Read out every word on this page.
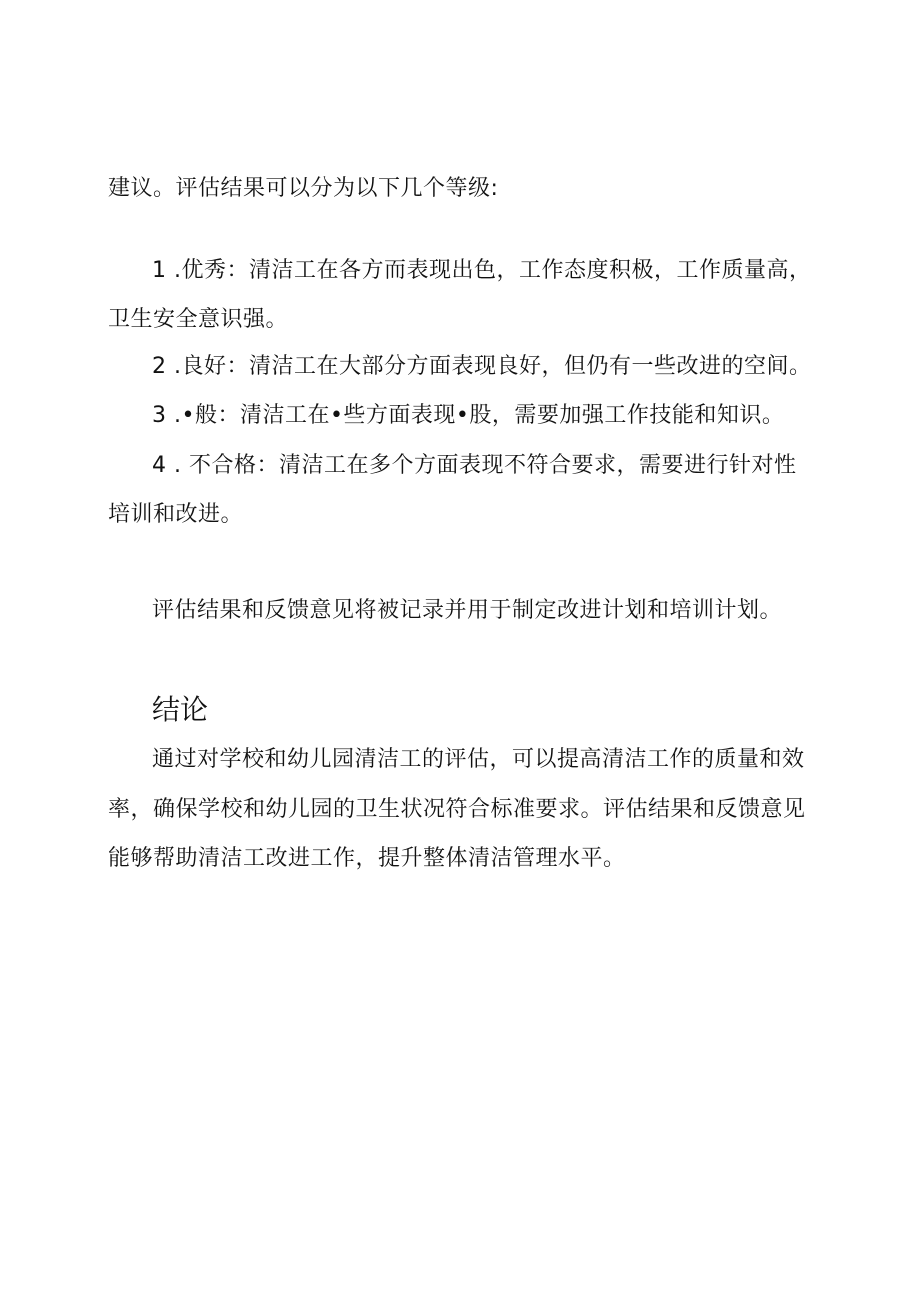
建议。评估结果可以分为以下几个等级:
1 .优秀：清洁工在各方而表现出色，工作态度积极，工作质量高，
卫生安全意识强。
2 .良好：清洁工在大部分方面表现良好，但仍有一些改进的空间。
3 .•般：清洁工在•些方面表现•股，需要加强工作技能和知识。
4 . 不合格：清洁工在多个方面表现不符合要求，需要进行针对性
培训和改进。
评估结果和反馈意见将被记录并用于制定改进计划和培训计划。
结论
通过对学校和幼儿园清洁工的评估，可以提高清洁工作的质量和效
率，确保学校和幼儿园的卫生状况符合标准要求。评估结果和反馈意见
能够帮助清洁工改进工作，提升整体清洁管理水平。
